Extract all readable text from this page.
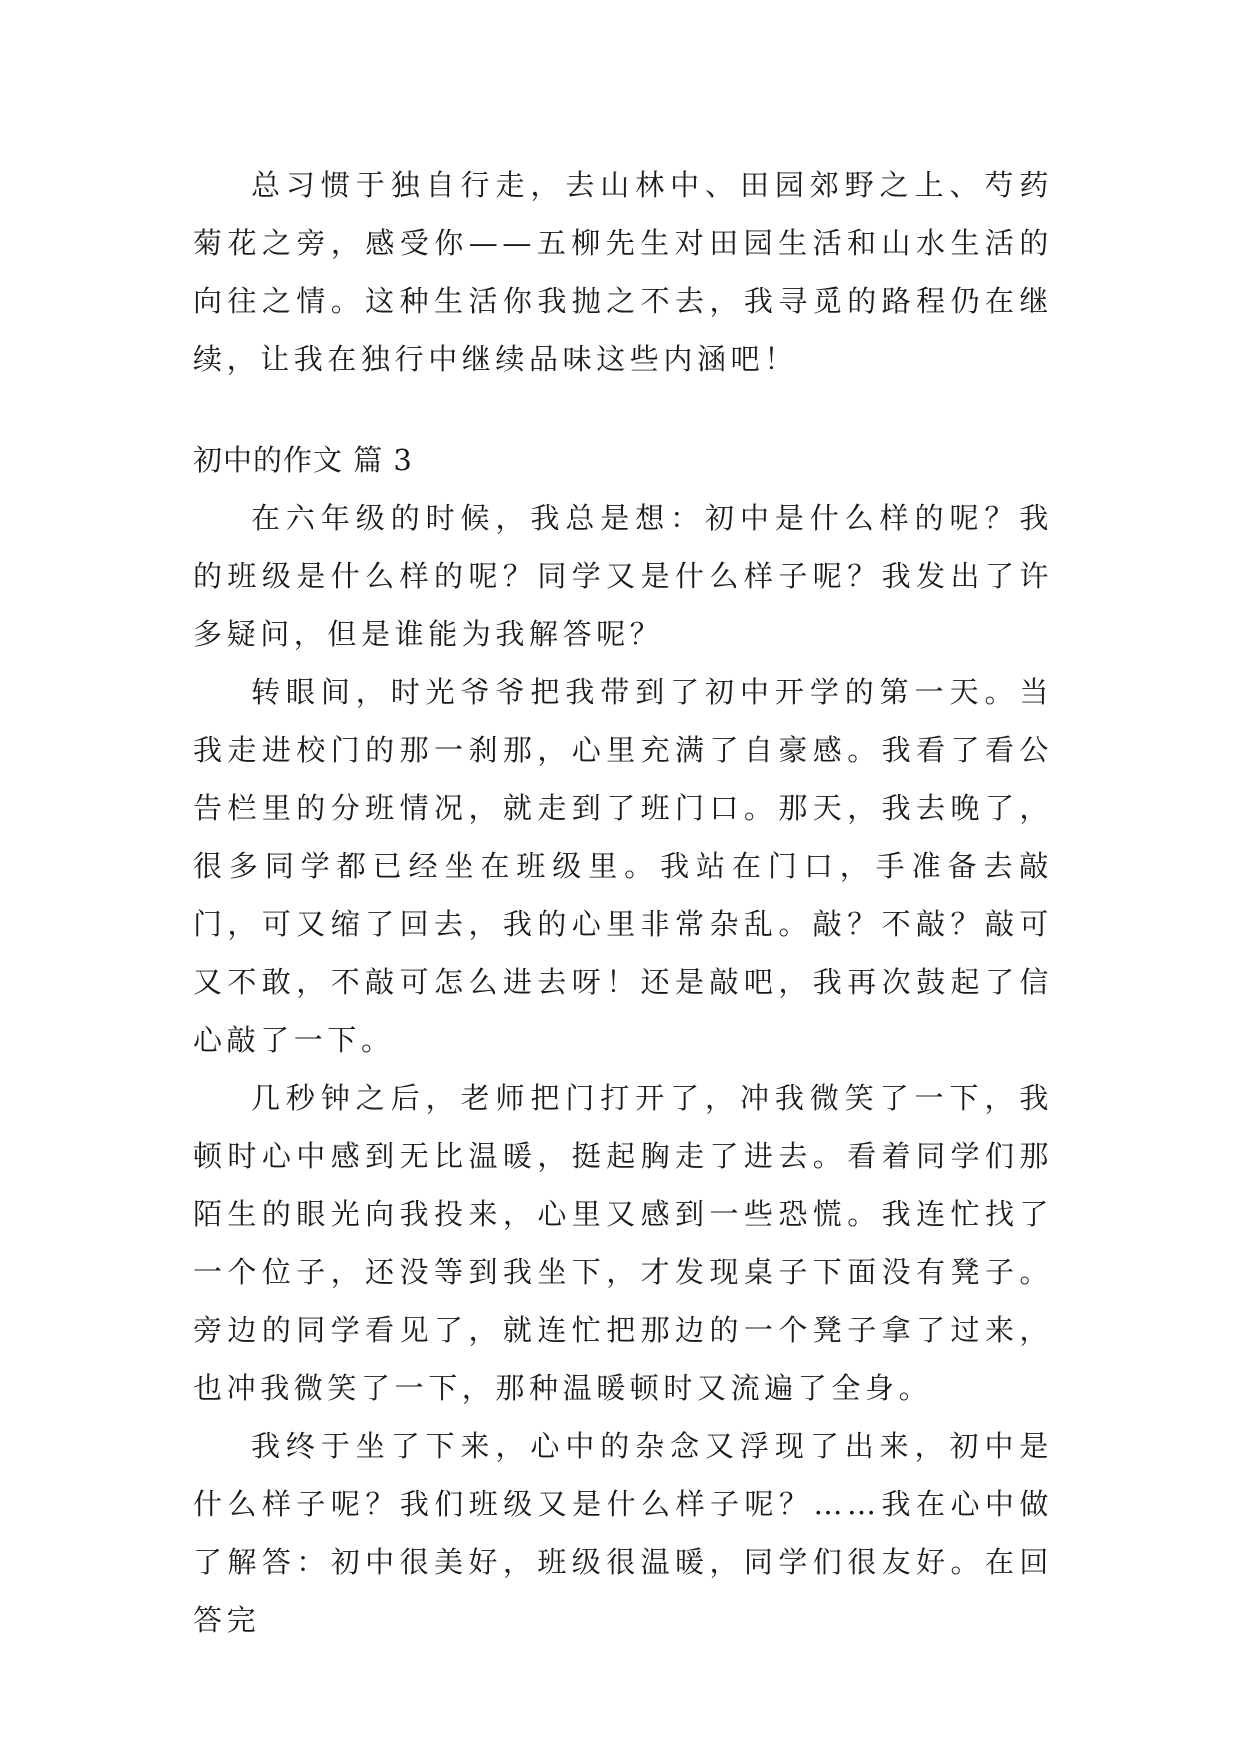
总习惯于独自行走，去山林中、田园郊野之上、芍药菊花之旁，感受你——五柳先生对田园生活和山水生活的向往之情。这种生活你我抛之不去，我寻觅的路程仍在继续，让我在独行中继续品味这些内涵吧！

初中的作文 篇 3

在六年级的时候，我总是想：初中是什么样的呢？我的班级是什么样的呢？同学又是什么样子呢？我发出了许多疑问，但是谁能为我解答呢？

转眼间，时光爷爷把我带到了初中开学的第一天。当我走进校门的那一刹那，心里充满了自豪感。我看了看公告栏里的分班情况，就走到了班门口。那天，我去晚了，很多同学都已经坐在班级里。我站在门口，手准备去敲门，可又缩了回去，我的心里非常杂乱。敲？不敲？敲可又不敢，不敲可怎么进去呀！还是敲吧，我再次鼓起了信心敲了一下。

几秒钟之后，老师把门打开了，冲我微笑了一下，我顿时心中感到无比温暖，挺起胸走了进去。看着同学们那陌生的眼光向我投来，心里又感到一些恐慌。我连忙找了一个位子，还没等到我坐下，才发现桌子下面没有凳子。旁边的同学看见了，就连忙把那边的一个凳子拿了过来，也冲我微笑了一下，那种温暖顿时又流遍了全身。

我终于坐了下来，心中的杂念又浮现了出来，初中是什么样子呢？我们班级又是什么样子呢？……我在心中做了解答：初中很美好，班级很温暖，同学们很友好。在回答完
